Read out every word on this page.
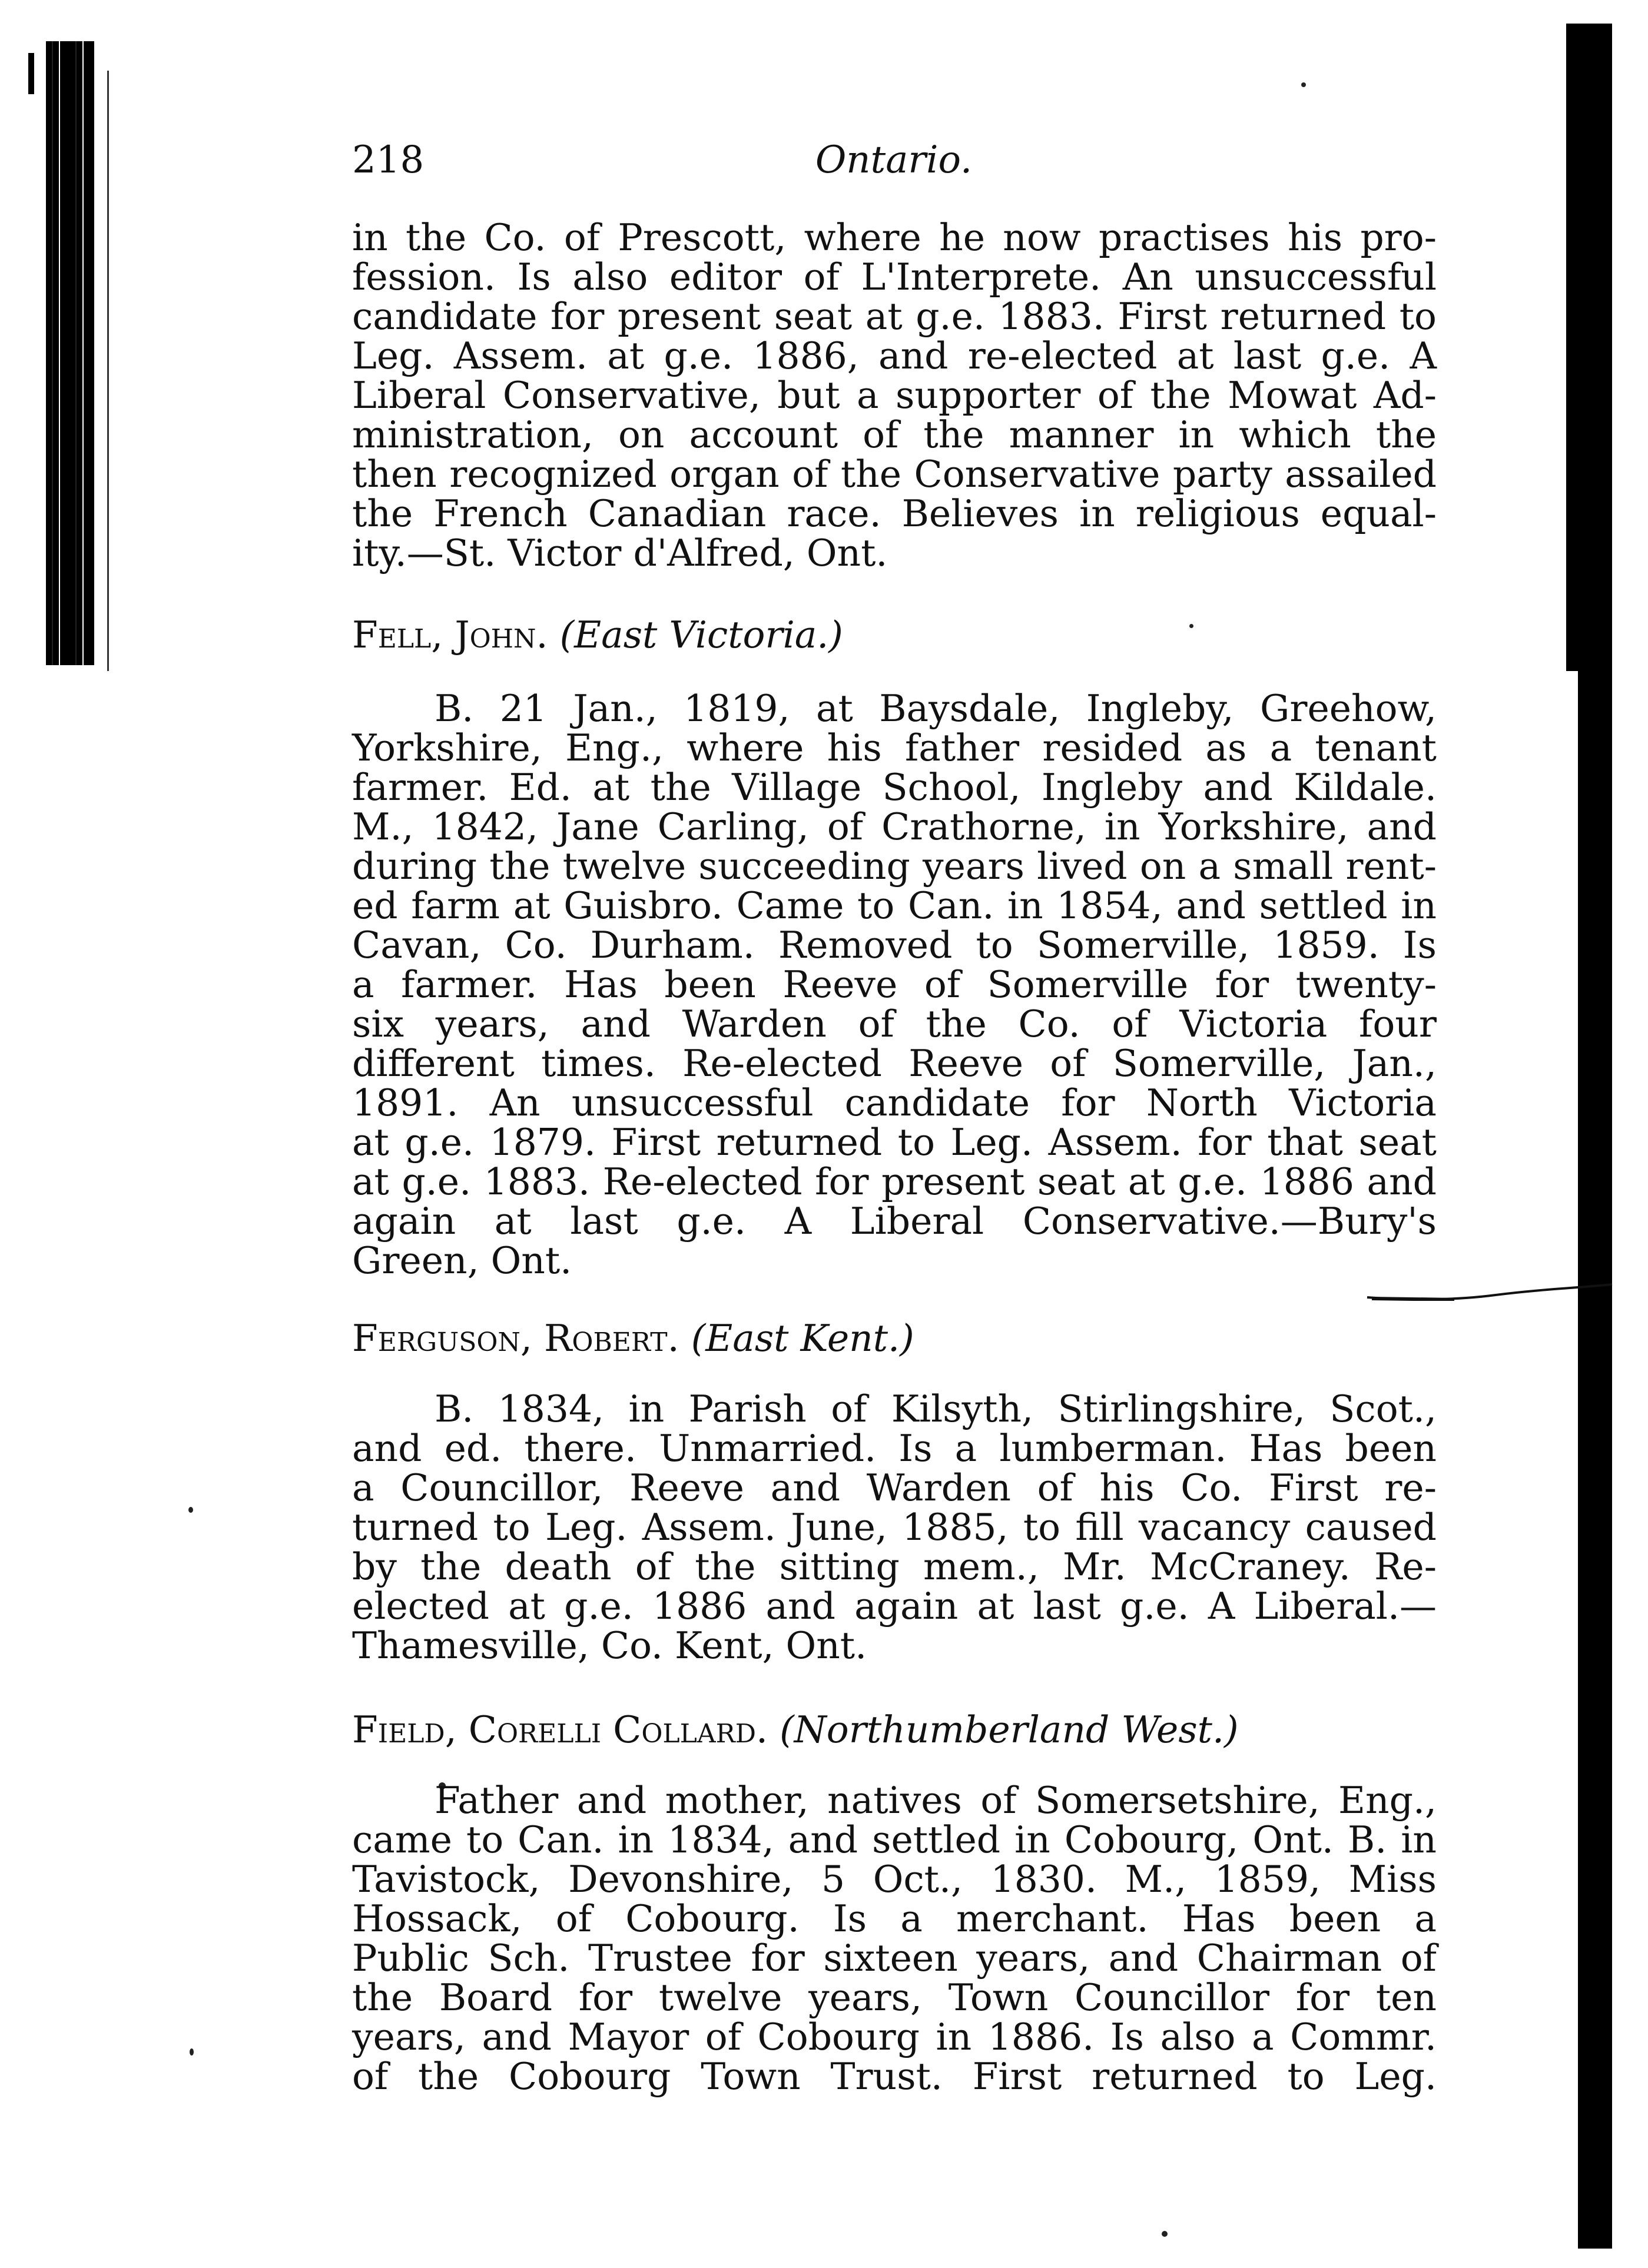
218	Ontario.
in the Co. of Prescott, where he now practises his pro-
fession. Is also editor of L'Interprete. An unsuccessful
candidate for present seat at g.e. 1883. First returned to
Leg. Assem. at g.e. 1886, and re-elected at last g.e. A
Liberal Conservative, but a supporter of the Mowat Ad-
ministration, on account of the manner in which the
then recognized organ of the Conservative party assailed
the French Canadian race. Believes in religious equal-
ity.—St. Victor d'Alfred, Ont.
Fell, John. (East Victoria.)
B. 21 Jan., 1819, at Baysdale, Ingleby, Greehow,
Yorkshire, Eng., where his father resided as a tenant
farmer. Ed. at the Village School, Ingleby and Kildale.
M., 1842, Jane Carling, of Crathorne, in Yorkshire, and
during the twelve succeeding years lived on a small rent-
ed farm at Guisbro. Came to Can. in 1854, and settled in
Cavan, Co. Durham. Removed to Somerville, 1859. Is
a farmer. Has been Reeve of Somerville for twenty-
six years, and Warden of the Co. of Victoria four
different times. Re-elected Reeve of Somerville, Jan.,
1891. An unsuccessful candidate for North Victoria
at g.e. 1879. First returned to Leg. Assem. for that seat
at g.e. 1883. Re-elected for present seat at g.e. 1886 and
again at last g.e. A Liberal Conservative.—Bury's
Green, Ont.
Ferguson, Robert. (East Kent.)
B. 1834, in Parish of Kilsyth, Stirlingshire, Scot.,
and ed. there. Unmarried. Is a lumberman. Has been
a Councillor, Reeve and Warden of his Co. First re-
turned to Leg. Assem. June, 1885, to fill vacancy caused
by the death of the sitting mem., Mr. McCraney. Re-
elected at g.e. 1886 and again at last g.e. A Liberal.—
Thamesville, Co. Kent, Ont.
Field, Corelli Collard. (Northumberland West.)
Father and mother, natives of Somersetshire, Eng.,
came to Can. in 1834, and settled in Cobourg, Ont. B. in
Tavistock, Devonshire, 5 Oct., 1830. M., 1859, Miss
Hossack, of Cobourg. Is a merchant. Has been a
Public Sch. Trustee for sixteen years, and Chairman of
the Board for twelve years, Town Councillor for ten
years, and Mayor of Cobourg in 1886. Is also a Commr.
of the Cobourg Town Trust. First returned to Leg.
